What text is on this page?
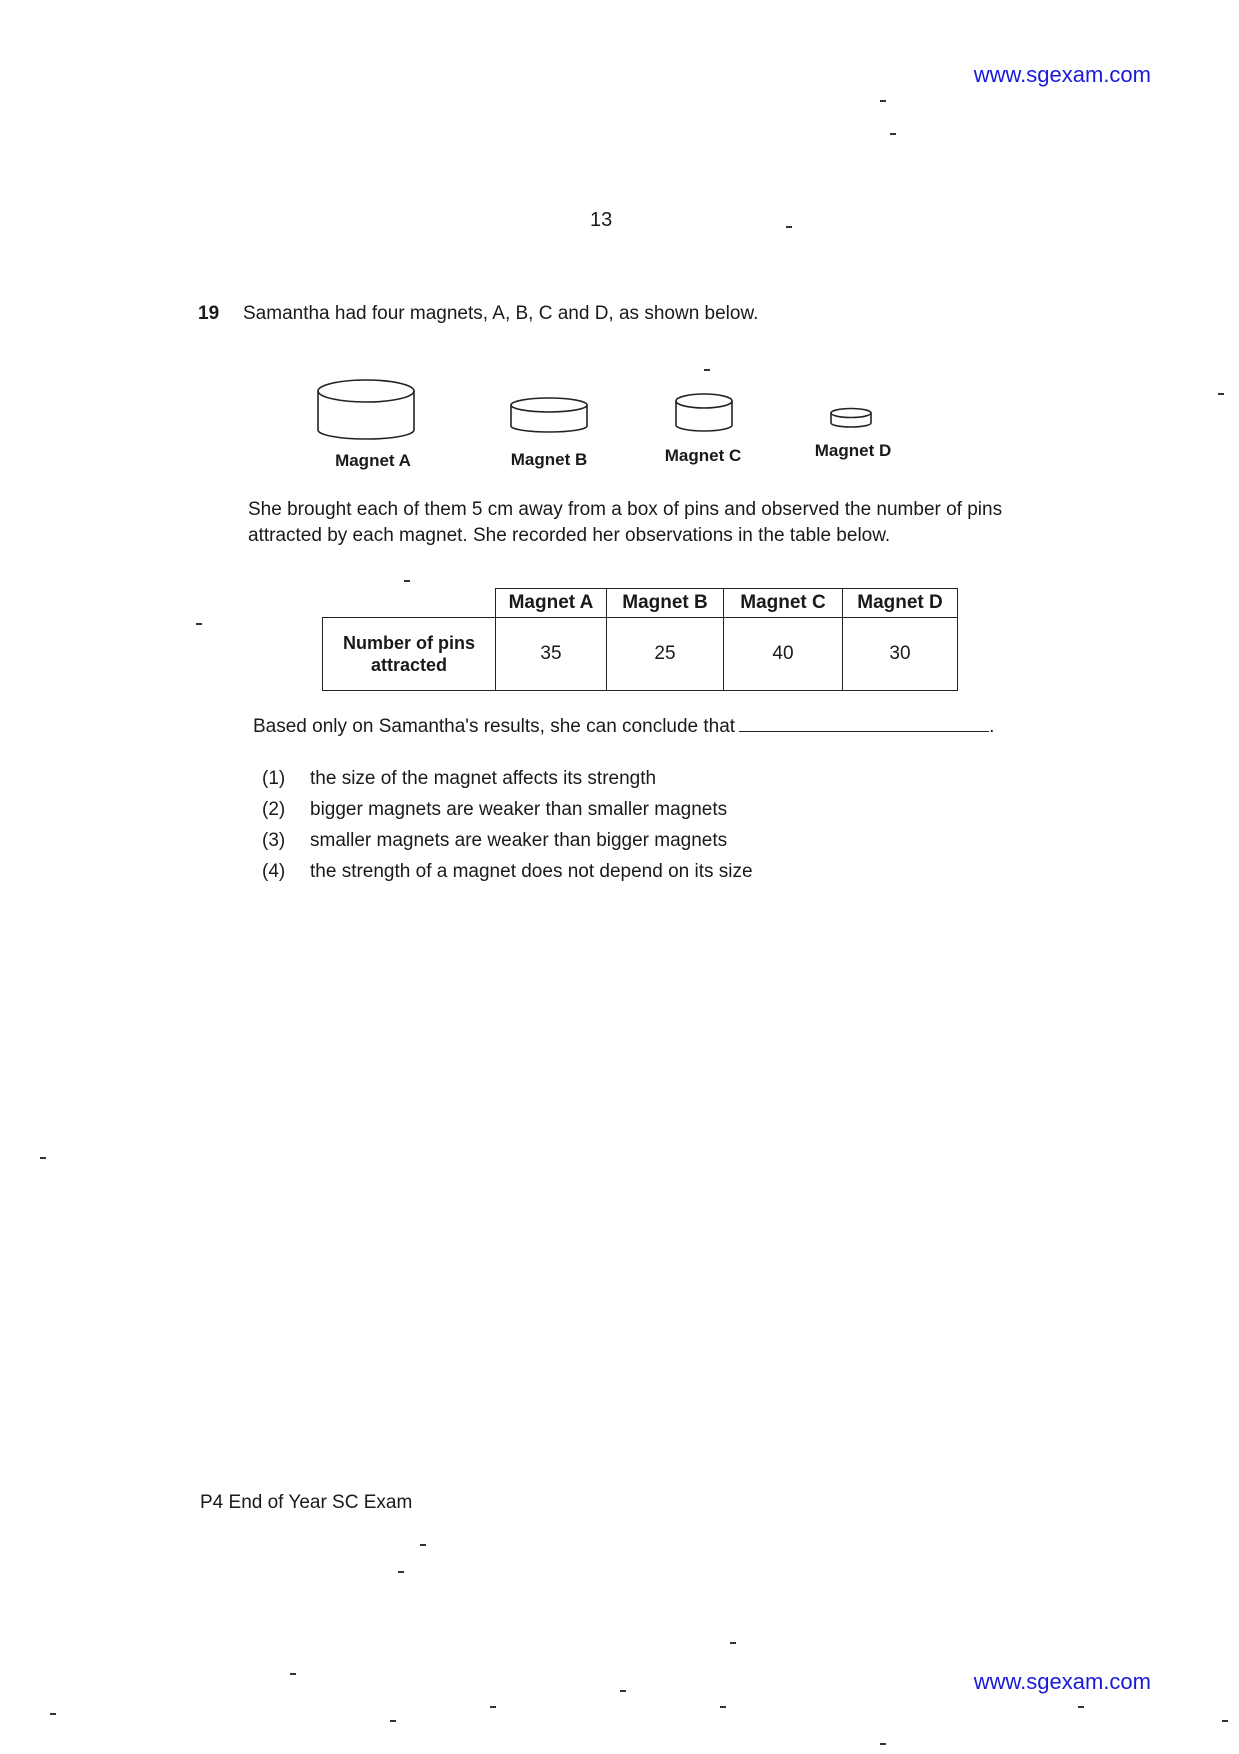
www.sgexam.com
13
19 Samantha had four magnets, A, B, C and D, as shown below.
Magnet A	Magnet B	Magnet C	Magnet D
She brought each of them 5 cm away from a box of pins and observed the number of pins attracted by each magnet. She recorded her observations in the table below.
	Magnet A	Magnet B	Magnet C	Magnet D
Number of pins attracted	35	25	40	30
Based only on Samantha's results, she can conclude that	.
(1) the size of the magnet affects its strength
(2) bigger magnets are weaker than smaller magnets
(3) smaller magnets are weaker than bigger magnets
(4) the strength of a magnet does not depend on its size
P4 End of Year SC Exam
www.sgexam.com
